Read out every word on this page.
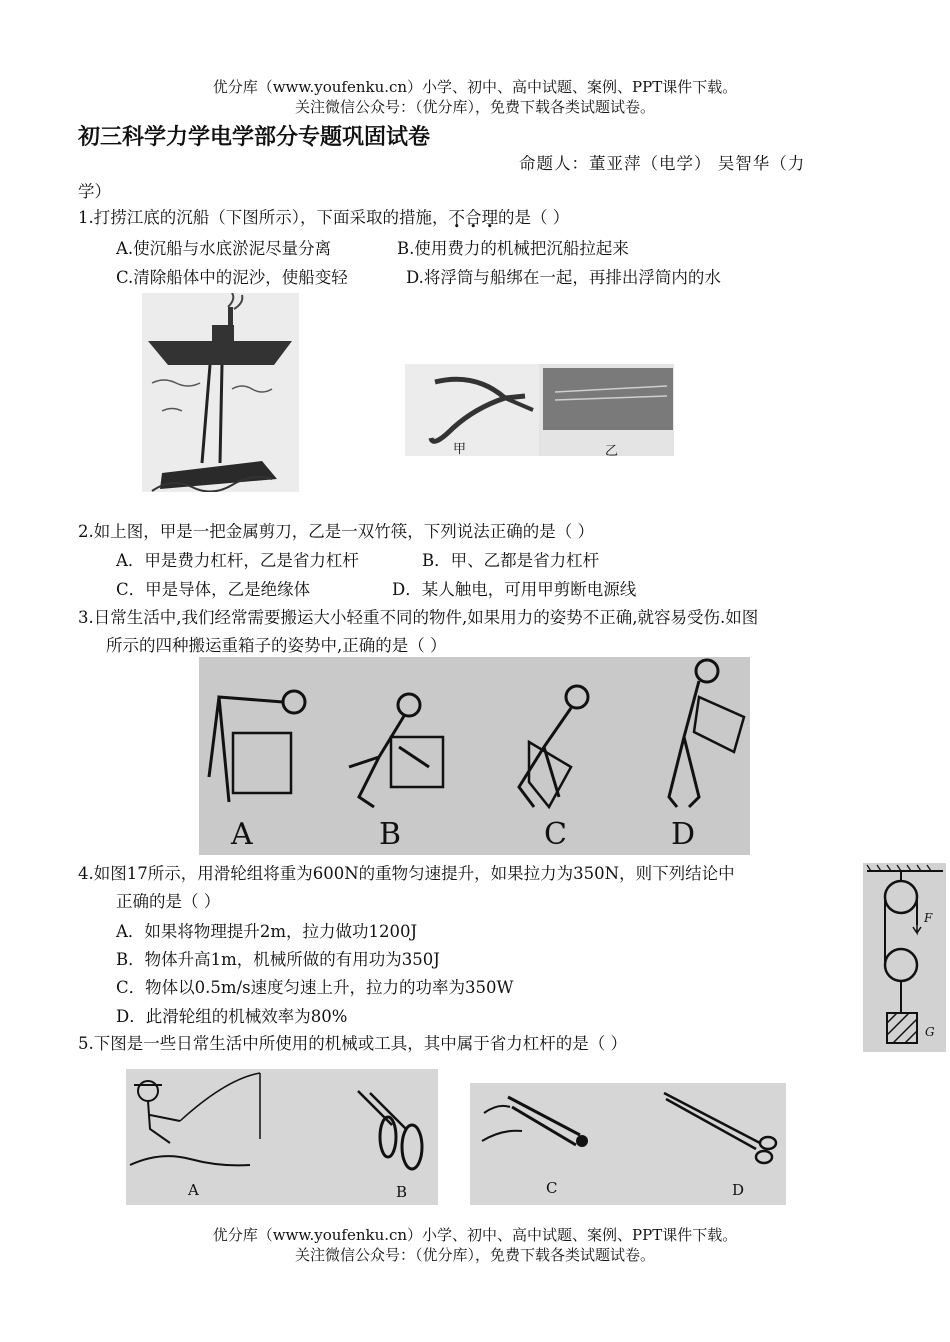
优分库（www.youfenku.cn）小学、初中、高中试题、案例、PPT课件下载。
关注微信公众号：（优分库），免费下载各类试题试卷。
初三科学力学电学部分专题巩固试卷
命题人：董亚萍（电学） 吴智华（力
学）
1.打捞江底的沉船（下图所示），下面采取的措施，不合理的是（ ）
A.使沉船与水底淤泥尽量分离	B.使用费力的机械把沉船拉起来
C.清除船体中的泥沙，使船变轻	D.将浮筒与船绑在一起，再排出浮筒内的水
甲	乙
2.如上图，甲是一把金属剪刀，乙是一双竹筷，下列说法正确的是（ ）
A．甲是费力杠杆，乙是省力杠杆	B．甲、乙都是省力杠杆
C．甲是导体，乙是绝缘体	D．某人触电，可用甲剪断电源线
3.日常生活中,我们经常需要搬运大小轻重不同的物件,如果用力的姿势不正确,就容易受伤.如图
所示的四种搬运重箱子的姿势中,正确的是（ ）
A	B	C	D
4.如图17所示，用滑轮组将重为600N的重物匀速提升，如果拉力为350N，则下列结论中
正确的是（ ）
A．如果将物理提升2m，拉力做功1200J
B．物体升高1m，机械所做的有用功为350J
C．物体以0.5m/s速度匀速上升，拉力的功率为350W
D．此滑轮组的机械效率为80%
F
G
5.下图是一些日常生活中所使用的机械或工具，其中属于省力杠杆的是（ ）
A	B	C	D
优分库（www.youfenku.cn）小学、初中、高中试题、案例、PPT课件下载。
关注微信公众号：（优分库），免费下载各类试题试卷。
